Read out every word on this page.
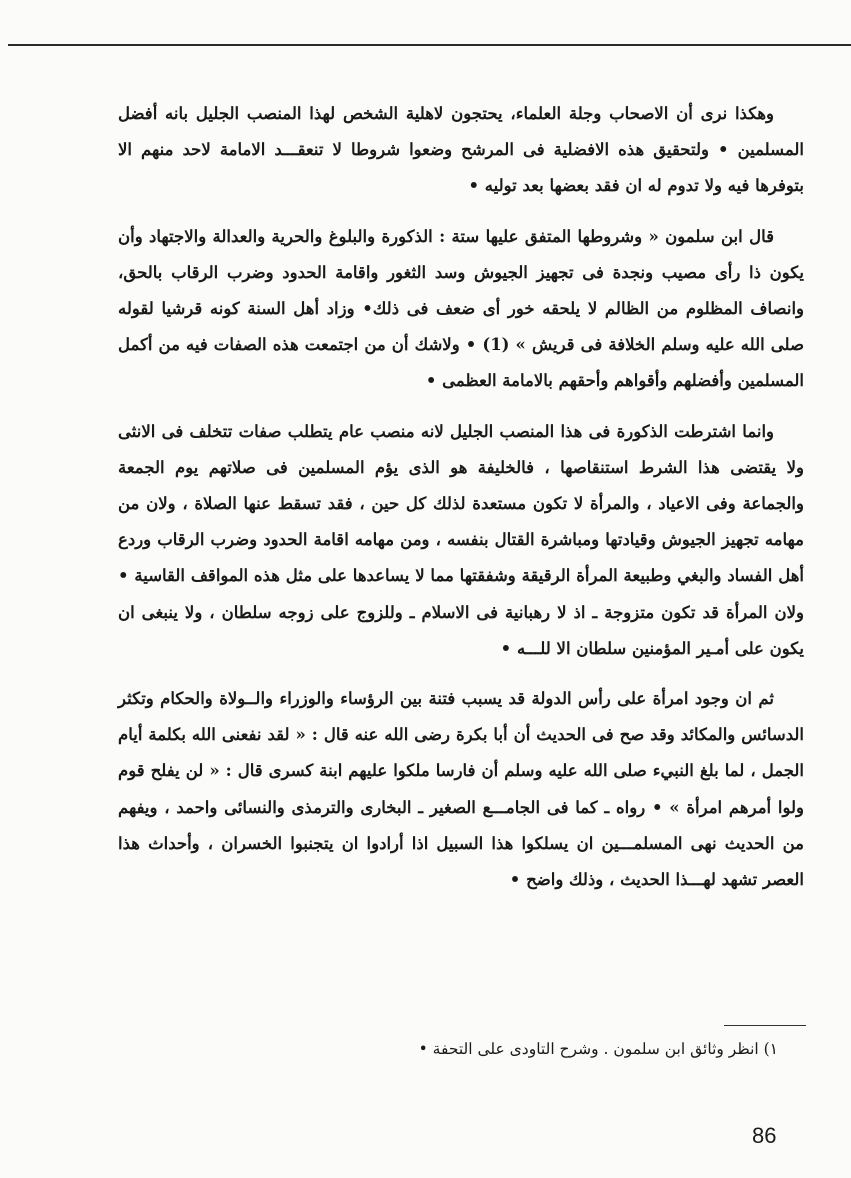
وهكذا نرى أن الاصحاب وجلة العلماء، يحتجون لاهلية الشخص لهذا المنصب الجليل بانه أفضل المسلمين • ولتحقيق هذه الافضلية فى المرشح وضعوا شروطا لا تنعقـــد الامامة لاحد منهم الا بتوفرها فيه ولا تدوم له ان فقد بعضها بعد توليه •

قال ابن سلمون « وشروطها المتفق عليها ستة : الذكورة والبلوغ والحرية والعدالة والاجتهاد وأن يكون ذا رأى مصيب ونجدة فى تجهيز الجيوش وسد الثغور واقامة الحدود وضرب الرقاب بالحق، وانصاف المظلوم من الظالم لا يلحقه خور أى ضعف فى ذلك• وزاد أهل السنة كونه قرشيا لقوله صلى الله عليه وسلم الخلافة فى قريش » (1) • ولاشك أن من اجتمعت هذه الصفات فيه من أكمل المسلمين وأفضلهم وأقواهم وأحقهم بالامامة العظمى •

وانما اشترطت الذكورة فى هذا المنصب الجليل لانه منصب عام يتطلب صفات تتخلف فى الانثى ولا يقتضى هذا الشرط استنقاصها ، فالخليفة هو الذى يؤم المسلمين فى صلاتهم يوم الجمعة والجماعة وفى الاعياد ، والمرأة لا تكون مستعدة لذلك كل حين ، فقد تسقط عنها الصلاة ، ولان من مهامه تجهيز الجيوش وقيادتها ومباشرة القتال بنفسه ، ومن مهامه اقامة الحدود وضرب الرقاب وردع أهل الفساد والبغي وطبيعة المرأة الرقيقة وشفقتها مما لا يساعدها على مثل هذه المواقف القاسية • ولان المرأة قد تكون متزوجة ـ اذ لا رهبانية فى الاسلام ـ وللزوج على زوجه سلطان ، ولا ينبغى ان يكون على أمـير المؤمنين سلطان الا للـــه •

ثم ان وجود امرأة على رأس الدولة قد يسبب فتنة بين الرؤساء والوزراء والــولاة والحكام وتكثر الدسائس والمكائد وقد صح فى الحديث أن أبا بكرة رضى الله عنه قال : « لقد نفعنى الله بكلمة أيام الجمل ، لما بلغ النبيء صلى الله عليه وسلم أن فارسا ملكوا عليهم ابنة كسرى قال : « لن يفلح قوم ولوا أمرهم امرأة » • رواه ـ كما فى الجامـــع الصغير ـ البخارى والترمذى والنسائى واحمد ، ويفهم من الحديث نهى المسلمـــين ان يسلكوا هذا السبيل اذا أرادوا ان يتجنبوا الخسران ، وأحداث هذا العصر تشهد لهـــذا الحديث ، وذلك واضح •

١) انظر وثائق ابن سلمون . وشرح التاودى على التحفة •
86
